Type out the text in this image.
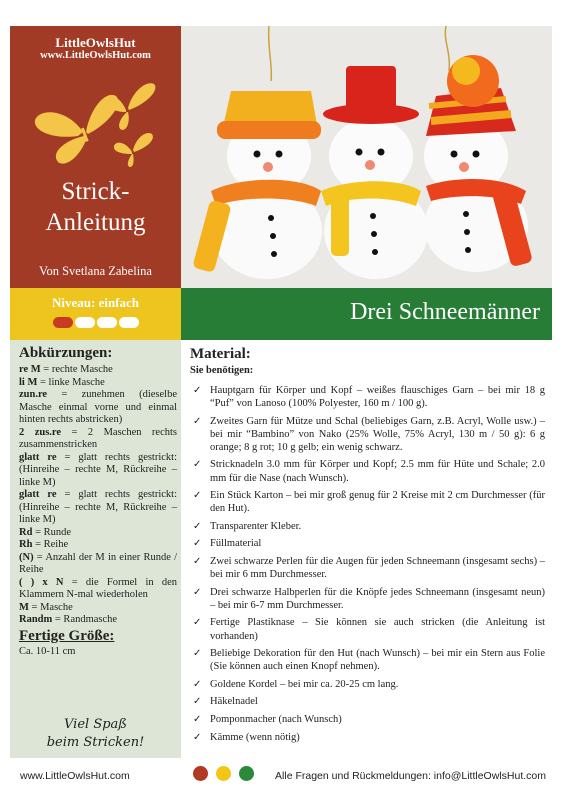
LittleOwlsHut
www.LittleOwlsHut.com
Strick-
Anleitung
Von Svetlana Zabelina
Niveau: einfach	Drei Schneemänner
Abkürzungen:
re M = rechte Masche
li M = linke Masche
zun.re = zunehmen (dieselbe Masche einmal vorne und einmal hinten rechts abstricken)
2 zus.re = 2 Maschen rechts zusammenstricken
glatt re = glatt rechts gestrickt: (Hinreihe – rechte M, Rückreihe – linke M)
glatt re = glatt rechts gestrickt: (Hinreihe – rechte M, Rückreihe – linke M)
Rd = Runde
Rh = Reihe
(N) = Anzahl der M in einer Runde / Reihe
( ) x N = die Formel in den Klammern N-mal wiederholen
M = Masche
Randm = Randmasche
Fertige Größe:
Ca. 10-11 cm
Viel Spaß
beim Stricken!
Material:
Sie benötigen:
✓ Hauptgarn für Körper und Kopf – weißes flauschiges Garn – bei mir 18 g “Puf” von Lanoso (100% Polyester, 160 m / 100 g).
✓ Zweites Garn für Mütze und Schal (beliebiges Garn, z.B. Acryl, Wolle usw.) – bei mir “Bambino” von Nako (25% Wolle, 75% Acryl, 130 m / 50 g): 6 g orange; 8 g rot; 10 g gelb; ein wenig schwarz.
✓ Stricknadeln 3.0 mm für Körper und Kopf; 2.5 mm für Hüte und Schale; 2.0 mm für die Nase (nach Wunsch).
✓ Ein Stück Karton – bei mir groß genug für 2 Kreise mit 2 cm Durchmesser (für den Hut).
✓ Transparenter Kleber.
✓ Füllmaterial
✓ Zwei schwarze Perlen für die Augen für jeden Schneemann (insgesamt sechs) – bei mir 6 mm Durchmesser.
✓ Drei schwarze Halbperlen für die Knöpfe jedes Schneemann (insgesamt neun) – bei mir 6-7 mm Durchmesser.
✓ Fertige Plastiknase – Sie können sie auch stricken (die Anleitung ist vorhanden)
✓ Beliebige Dekoration für den Hut (nach Wunsch) – bei mir ein Stern aus Folie (Sie können auch einen Knopf nehmen).
✓ Goldene Kordel – bei mir ca. 20-25 cm lang.
✓ Häkelnadel
✓ Pomponmacher (nach Wunsch)
✓ Kämme (wenn nötig)
www.LittleOwlsHut.com	Alle Fragen und Rückmeldungen: info@LittleOwlsHut.com
